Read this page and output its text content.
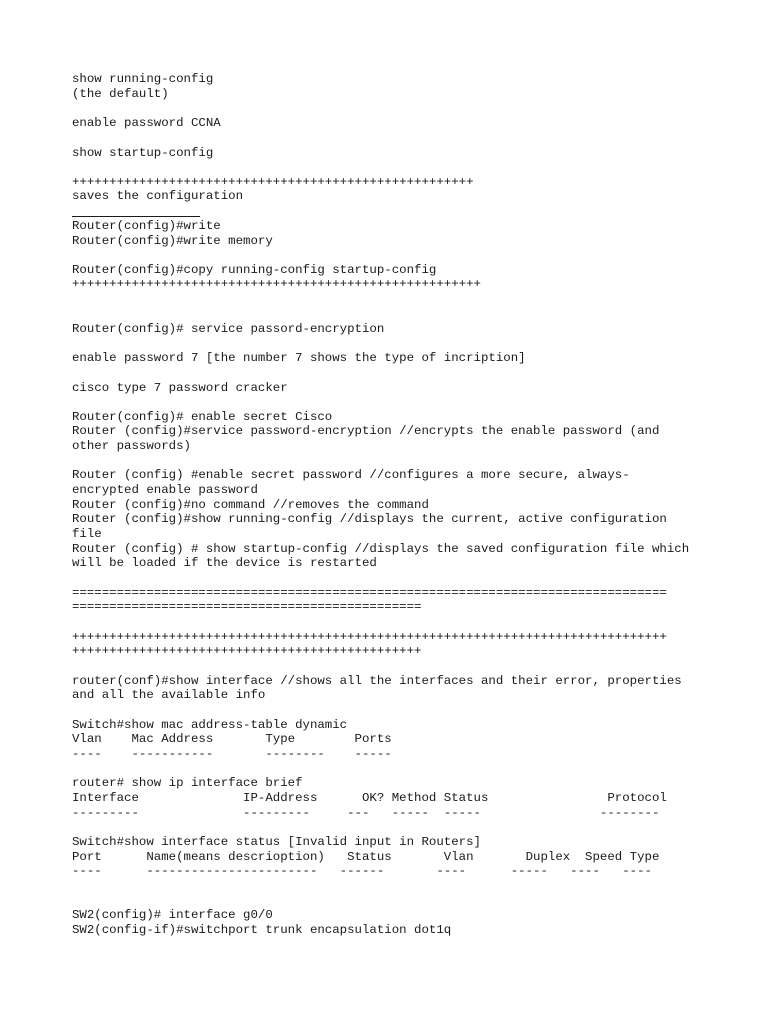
show running-config
(the default)
enable password CCNA
show startup-config
++++++++++++++++++++++++++++++++++++++++++++++++++++++
saves the configuration
Router(config)#write
Router(config)#write memory
Router(config)#copy running-config startup-config
+++++++++++++++++++++++++++++++++++++++++++++++++++++++
Router(config)# service passord-encryption
enable password 7 [the number 7 shows the type of incription]
cisco type 7 password cracker
Router(config)# enable secret Cisco
Router (config)#service password-encryption //encrypts the enable password (and
other passwords)
Router (config) #enable secret password //configures a more secure, always-
encrypted enable password
Router (config)#no command //removes the command
Router (config)#show running-config //displays the current, active configuration
file
Router (config) # show startup-config //displays the saved configuration file which
will be loaded if the device is restarted
================================================================================
===============================================
++++++++++++++++++++++++++++++++++++++++++++++++++++++++++++++++++++++++++++++++
+++++++++++++++++++++++++++++++++++++++++++++++
router(conf)#show interface //shows all the interfaces and their error, properties
and all the available info
Switch#show mac address-table dynamic
Vlan    Mac Address       Type        Ports
----    -----------       --------    -----
router# show ip interface brief
Interface              IP-Address      OK? Method Status                Protocol
---------              ---------     ---   -----  -----                --------
Switch#show interface status [Invalid input in Routers]
Port      Name(means descrioption)   Status       Vlan       Duplex  Speed Type
----      -----------------------   ------       ----      -----   ----   ----
SW2(config)# interface g0/0
SW2(config-if)#switchport trunk encapsulation dot1q
